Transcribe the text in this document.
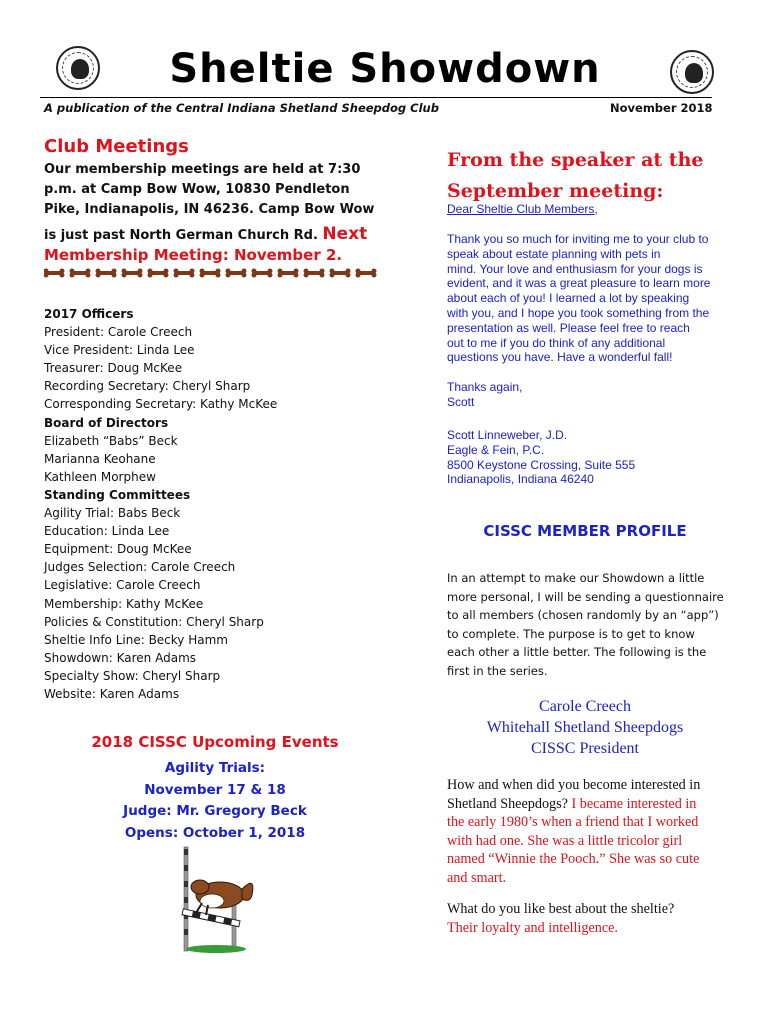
Sheltie Showdown
A publication of the Central Indiana Shetland Sheepdog Club	November 2018
Club Meetings
Our membership meetings are held at 7:30
p.m. at Camp Bow Wow, 10830 Pendleton
Pike, Indianapolis, IN 46236. Camp Bow Wow
is just past North German Church Rd. Next
Membership Meeting: November 2.
2017 Officers
President: Carole Creech
Vice President: Linda Lee
Treasurer: Doug McKee
Recording Secretary: Cheryl Sharp
Corresponding Secretary: Kathy McKee
Board of Directors
Elizabeth “Babs” Beck
Marianna Keohane
Kathleen Morphew
Standing Committees
Agility Trial: Babs Beck
Education: Linda Lee
Equipment: Doug McKee
Judges Selection: Carole Creech
Legislative: Carole Creech
Membership: Kathy McKee
Policies & Constitution: Cheryl Sharp
Sheltie Info Line: Becky Hamm
Showdown: Karen Adams
Specialty Show: Cheryl Sharp
Website: Karen Adams
2018 CISSC Upcoming Events
Agility Trials:
November 17 & 18
Judge: Mr. Gregory Beck
Opens: October 1, 2018
From the speaker at the
September meeting:
Dear Sheltie Club Members,
Thank you so much for inviting me to your club to
speak about estate planning with pets in
mind. Your love and enthusiasm for your dogs is
evident, and it was a great pleasure to learn more
about each of you! I learned a lot by speaking
with you, and I hope you took something from the
presentation as well. Please feel free to reach
out to me if you do think of any additional
questions you have. Have a wonderful fall!
Thanks again,
Scott
Scott Linneweber, J.D.
Eagle & Fein, P.C.
8500 Keystone Crossing, Suite 555
Indianapolis, Indiana 46240
CISSC MEMBER PROFILE
In an attempt to make our Showdown a little
more personal, I will be sending a questionnaire
to all members (chosen randomly by an “app”)
to complete. The purpose is to get to know
each other a little better. The following is the
first in the series.
Carole Creech
Whitehall Shetland Sheepdogs
CISSC President
How and when did you become interested in
Shetland Sheepdogs? I became interested in
the early 1980’s when a friend that I worked
with had one. She was a little tricolor girl
named “Winnie the Pooch.” She was so cute
and smart.
What do you like best about the sheltie?
Their loyalty and intelligence.
